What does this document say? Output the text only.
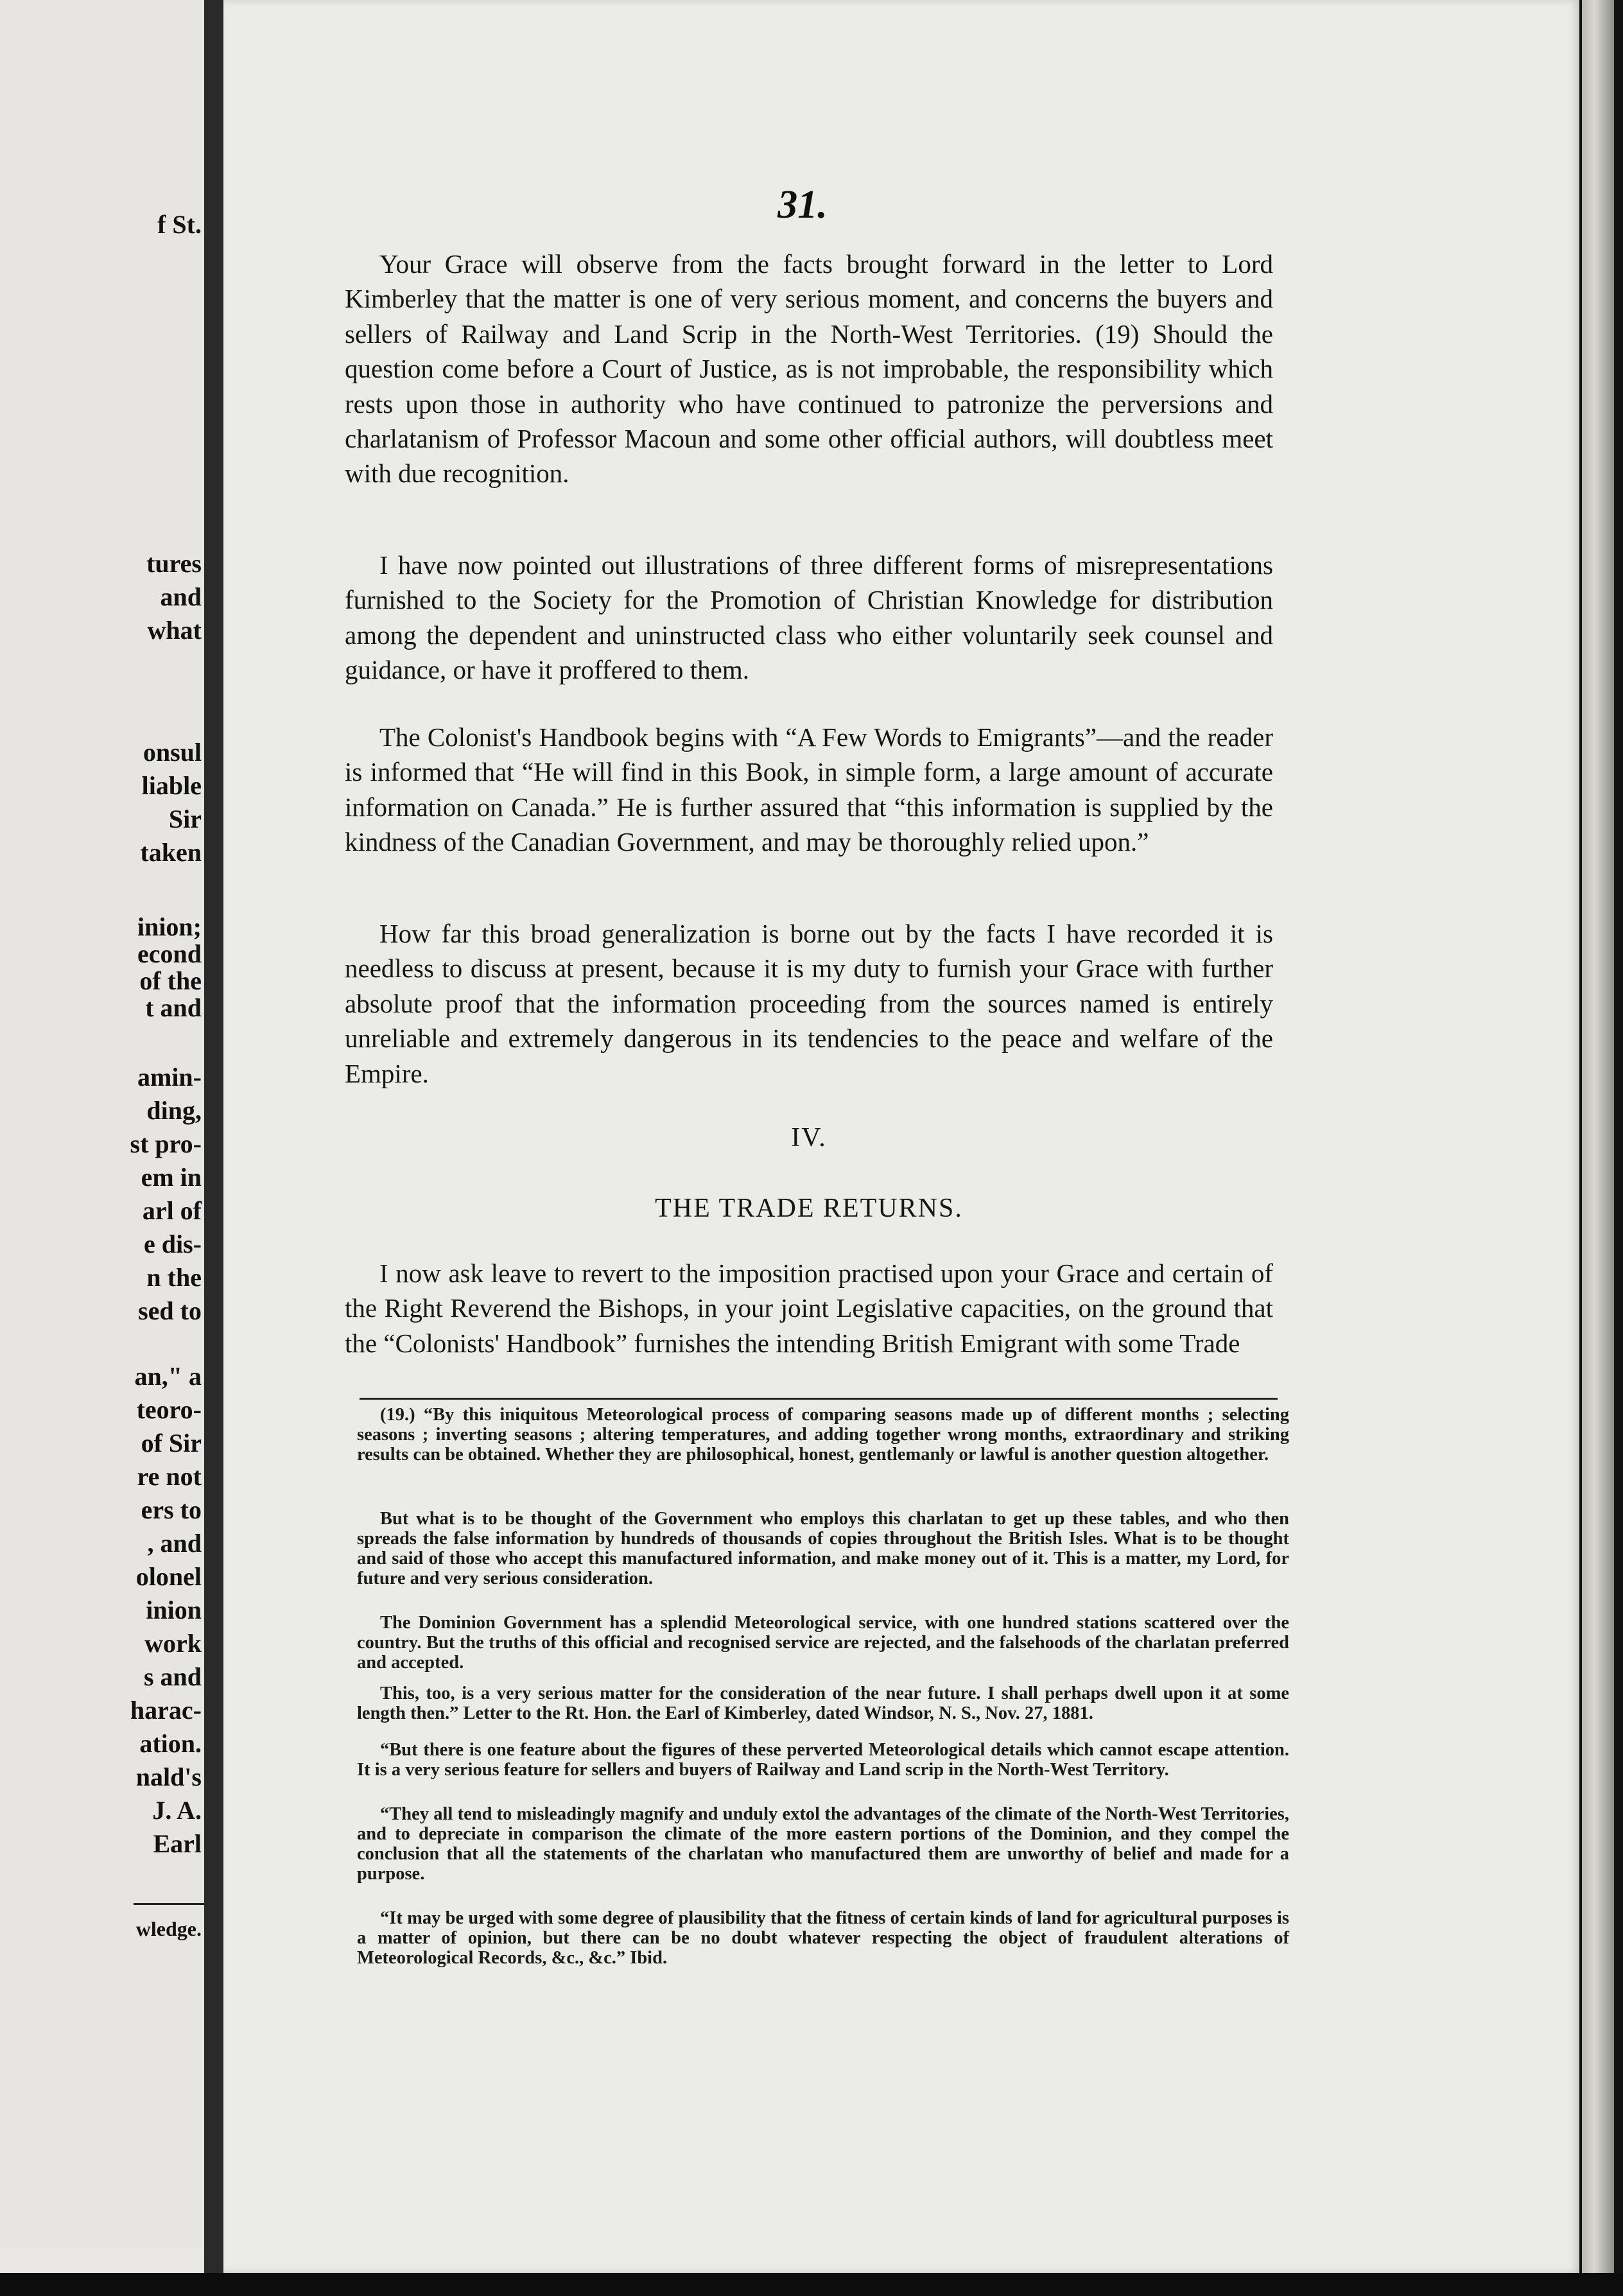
f St.
tures
and
what
onsul
liable
Sir
taken
inion;
econd
of the
t and
amin-
ding,
st pro-
em in
arl of
e dis-
n the
sed to
an," a
teoro-
of Sir
re not
ers to
, and
olonel
inion
work
s and
harac-
ation.
nald's
J. A.
Earl
wledge.
31.

Your Grace will observe from the facts brought forward in the letter to Lord Kimberley that the matter is one of very serious moment, and concerns the buyers and sellers of Railway and Land Scrip in the North-West Territories. (19) Should the question come before a Court of Justice, as is not improbable, the responsibility which rests upon those in authority who have continued to patronize the perversions and charlatanism of Professor Macoun and some other official authors, will doubtless meet with due recognition.

I have now pointed out illustrations of three different forms of misrepresentations furnished to the Society for the Promotion of Christian Knowledge for distribution among the dependent and uninstructed class who either voluntarily seek counsel and guidance, or have it proffered to them.

The Colonist's Handbook begins with “A Few Words to Emigrants”—and the reader is informed that “He will find in this Book, in simple form, a large amount of accurate information on Canada.” He is further assured that “this information is supplied by the kindness of the Canadian Government, and may be thoroughly relied upon.”

How far this broad generalization is borne out by the facts I have recorded it is needless to discuss at present, because it is my duty to furnish your Grace with further absolute proof that the information proceeding from the sources named is entirely unreliable and extremely dangerous in its tendencies to the peace and welfare of the Empire.

IV.
THE TRADE RETURNS.

I now ask leave to revert to the imposition practised upon your Grace and certain of the Right Reverend the Bishops, in your joint Legislative capacities, on the ground that the “Colonists' Handbook” furnishes the intending British Emigrant with some Trade

(19.) “By this iniquitous Meteorological process of comparing seasons made up of different months ; selecting seasons ; inverting seasons ; altering temperatures, and adding together wrong months, extraordinary and striking results can be obtained. Whether they are philosophical, honest, gentlemanly or lawful is another question altogether.

But what is to be thought of the Government who employs this charlatan to get up these tables, and who then spreads the false information by hundreds of thousands of copies throughout the British Isles. What is to be thought and said of those who accept this manufactured information, and make money out of it. This is a matter, my Lord, for future and very serious consideration.

The Dominion Government has a splendid Meteorological service, with one hundred stations scattered over the country. But the truths of this official and recognised service are rejected, and the falsehoods of the charlatan preferred and accepted.

This, too, is a very serious matter for the consideration of the near future. I shall perhaps dwell upon it at some length then.” Letter to the Rt. Hon. the Earl of Kimberley, dated Windsor, N. S., Nov. 27, 1881.

“But there is one feature about the figures of these perverted Meteorological details which cannot escape attention. It is a very serious feature for sellers and buyers of Railway and Land scrip in the North-West Territory.

“They all tend to misleadingly magnify and unduly extol the advantages of the climate of the North-West Territories, and to depreciate in comparison the climate of the more eastern portions of the Dominion, and they compel the conclusion that all the statements of the charlatan who manufactured them are unworthy of belief and made for a purpose.

“It may be urged with some degree of plausibility that the fitness of certain kinds of land for agricultural purposes is a matter of opinion, but there can be no doubt whatever respecting the object of fraudulent alterations of Meteorological Records, &c., &c.” Ibid.
